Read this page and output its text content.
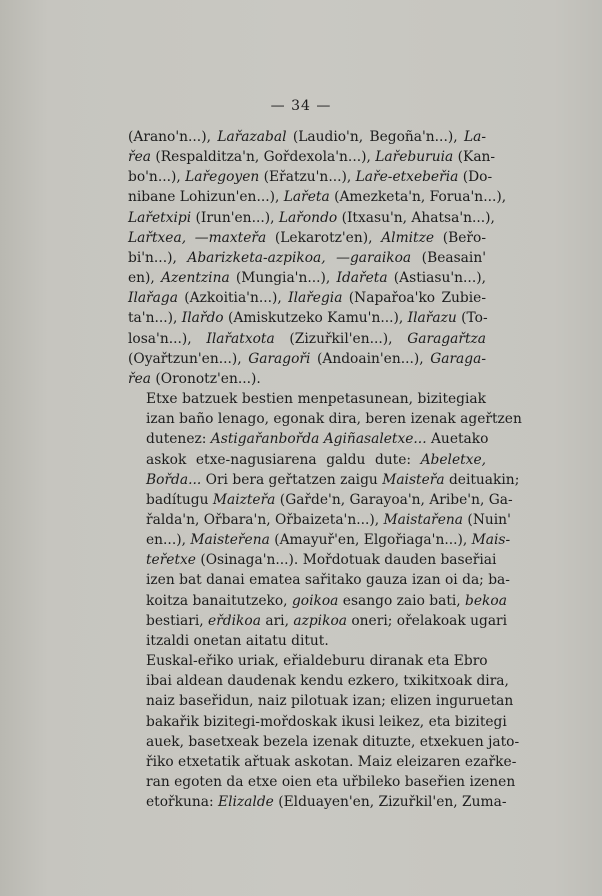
— 34 —

(Arano'n...), Lařazabal (Laudio'n, Begoña'n...), La-
řea (Respalditza'n, Gořdexola'n...), Lařeburuia (Kan-
bo'n...), Lařegoyen (Eřatzu'n...), Laře-etxebeřia (Do-
nibane Lohizun'en...), Lařeta (Amezketa'n, Forua'n...),
Lařetxipi (Irun'en...), Lařondo (Itxasu'n, Ahatsa'n...),
Lařtxea, —maxteřa (Lekarotz'en), Almitze (Beřo-
bi'n...), Abarizketa-azpikoa, —garaikoa (Beasain'
en), Azentzina (Mungia'n...), Idařeta (Astiasu'n...),
Ilařaga (Azkoitia'n...), Ilařegia (Napařoa'ko Zubie-
ta'n...), Ilařdo (Amiskutzeko Kamu'n...), Ilařazu (To-
losa'n...), Ilařatxota (Zizuřkil'en...), Garagařtza
(Oyařtzun'en...), Garagoři (Andoain'en...), Garaga-
řea (Oronotz'en...).

Etxe batzuek bestien menpetasunean, bizitegiak
izan baño lenago, egonak dira, beren izenak ageřtzen
dutenez: Astigařanbořda Agiñasaletxe... Auetako
askok etxe-nagusiarena galdu dute: Abeletxe,
Bořda... Ori bera geřtatzen zaigu Maisteřa deituakin;
badítugu Maizteřa (Gařde'n, Garayoa'n, Aribe'n, Ga-
řalda'n, Ořbara'n, Ořbaizeta'n...), Maistařena (Nuin'
en...), Maisteřena (Amayuř'en, Elgořiaga'n...), Mais-
teřetxe (Osinaga'n...). Mořdotuak dauden baseřiai
izen bat danai ematea sařitako gauza izan oi da; ba-
koitza banaitutzeko, goikoa esango zaio bati, bekoa
bestiari, eřdikoa ari, azpikoa oneri; ořelakoak ugari
itzaldi onetan aitatu ditut.

Euskal-eřiko uriak, eřialdeburu diranak eta Ebro
ibai aldean daudenak kendu ezkero, txikitxoak dira,
naiz baseřidun, naiz pilotuak izan; elizen inguruetan
bakařik bizitegi-mořdoskak ikusi leikez, eta bizitegi
auek, basetxeak bezela izenak dituzte, etxekuen jato-
řiko etxetatik ařtuak askotan. Maiz eleizaren ezařke-
ran egoten da etxe oien eta uřbileko baseřien izenen
etořkuna: Elizalde (Elduayen'en, Zizuřkil'en, Zuma-
